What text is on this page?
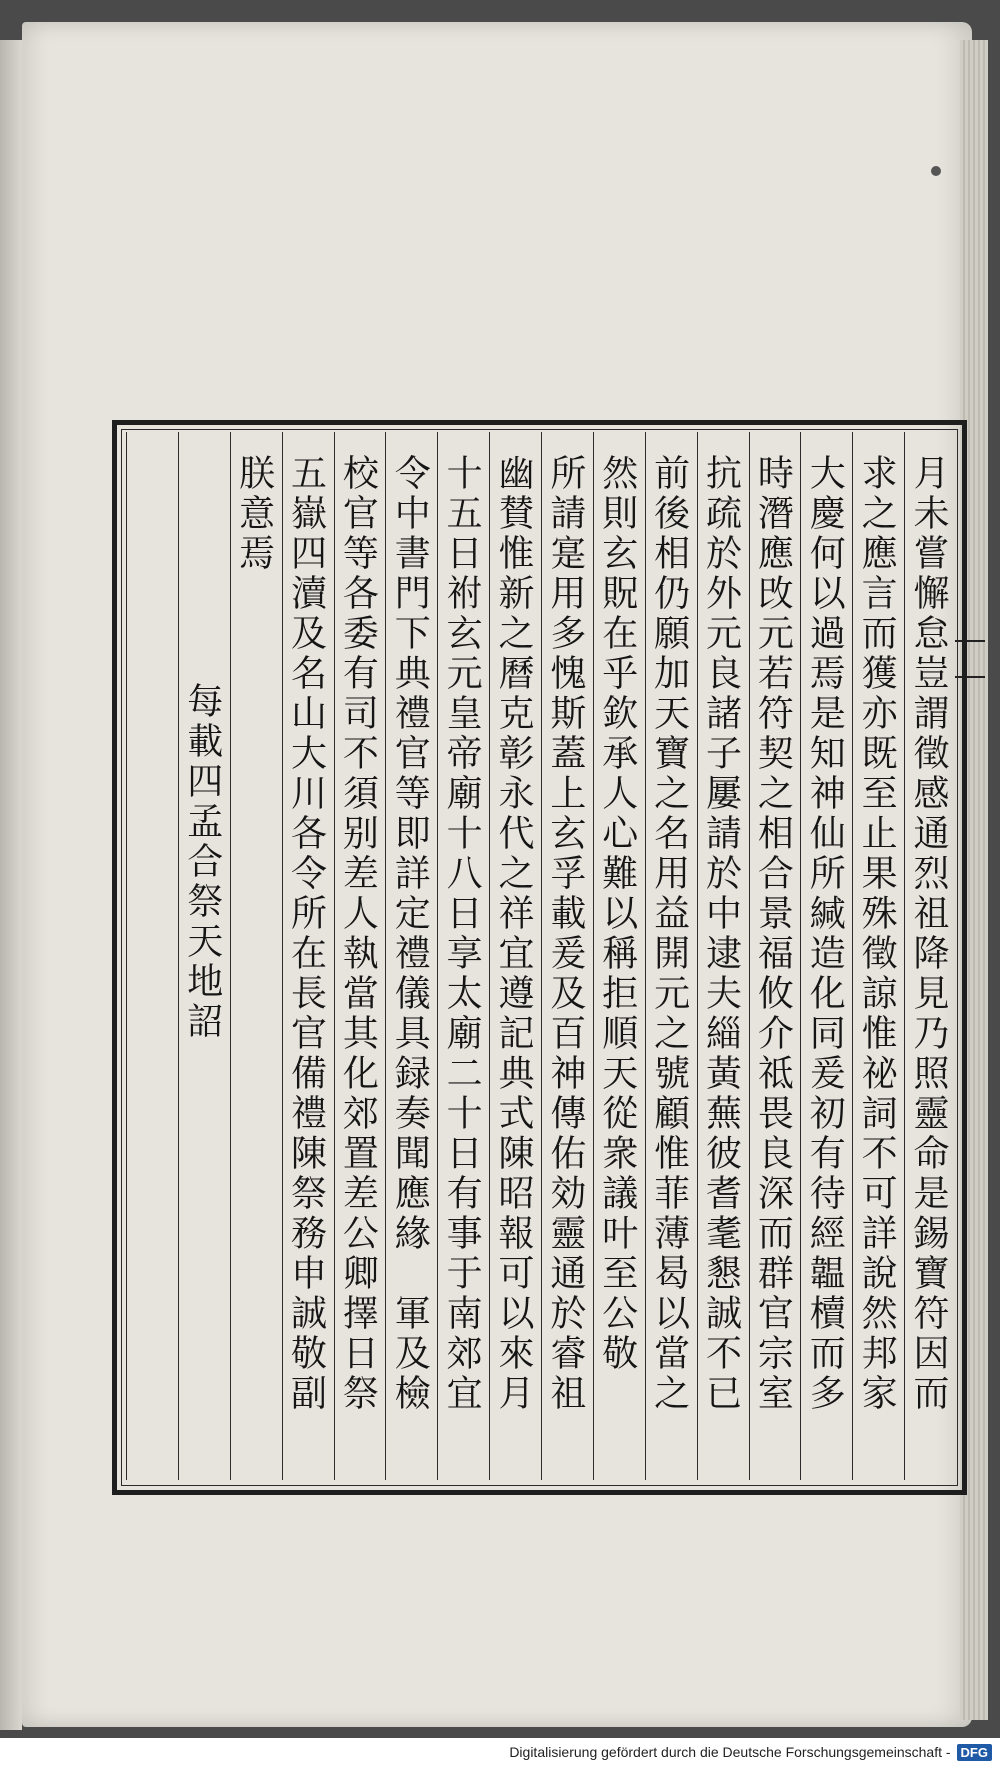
月未嘗懈怠豈謂徵感通烈祖降見乃照靈命是錫寶符因而
求之應言而獲亦既至止果殊徵諒惟祕詞不可詳說然邦家
大慶何以過焉是知神仙所緘造化同爰初有待經韞櫝而多
時潛應攺元若符契之相合景福攸介祗畏良深而群官宗室
抗疏於外元良諸子屢請於中逮夫緇黃蕪彼耆耄懇誠不已
前後相仍願加天寶之名用益開元之號顧惟菲薄曷以當之
然則玄貺在乎欽承人心難以稱拒順天從衆議叶至公敬
所請寔用多愧斯蓋上玄孚載爰及百神傳佑効靈通於睿祖
幽賛惟新之曆克彰永代之祥宜遵記典式陳昭報可以來月
十五日祔玄元皇帝廟十八日享太廟二十日有事于南郊宜
令中書門下典禮官等即詳定禮儀具録奏聞應緣　軍及檢
校官等各委有司不須别差人執當其化郊置差公卿擇日祭
五嶽四瀆及名山大川各令所在長官備禮陳祭務申誠敬副
朕意焉
每載四孟合祭天地詔
Digitalisierung gefördert durch die Deutsche Forschungsgemeinschaft - DFG
